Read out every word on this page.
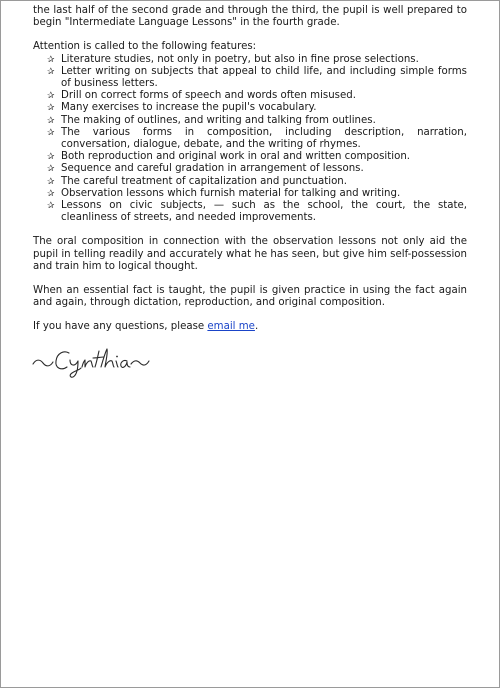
the last half of the second grade and through the third, the pupil is well prepared to begin "Intermediate Language Lessons" in the fourth grade.

Attention is called to the following features:

✰ Literature studies, not only in poetry, but also in fine prose selections.
✰ Letter writing on subjects that appeal to child life, and including simple forms of business letters.
✰ Drill on correct forms of speech and words often misused.
✰ Many exercises to increase the pupil's vocabulary.
✰ The making of outlines, and writing and talking from outlines.
✰ The various forms in composition, including description, narration, conversation, dialogue, debate, and the writing of rhymes.
✰ Both reproduction and original work in oral and written composition.
✰ Sequence and careful gradation in arrangement of lessons.
✰ The careful treatment of capitalization and punctuation.
✰ Observation lessons which furnish material for talking and writing.
✰ Lessons on civic subjects, — such as the school, the court, the state, cleanliness of streets, and needed improvements.

The oral composition in connection with the observation lessons not only aid the pupil in telling readily and accurately what he has seen, but give him self-possession and train him to logical thought.

When an essential fact is taught, the pupil is given practice in using the fact again and again, through dictation, reproduction, and original composition.

If you have any questions, please email me.
